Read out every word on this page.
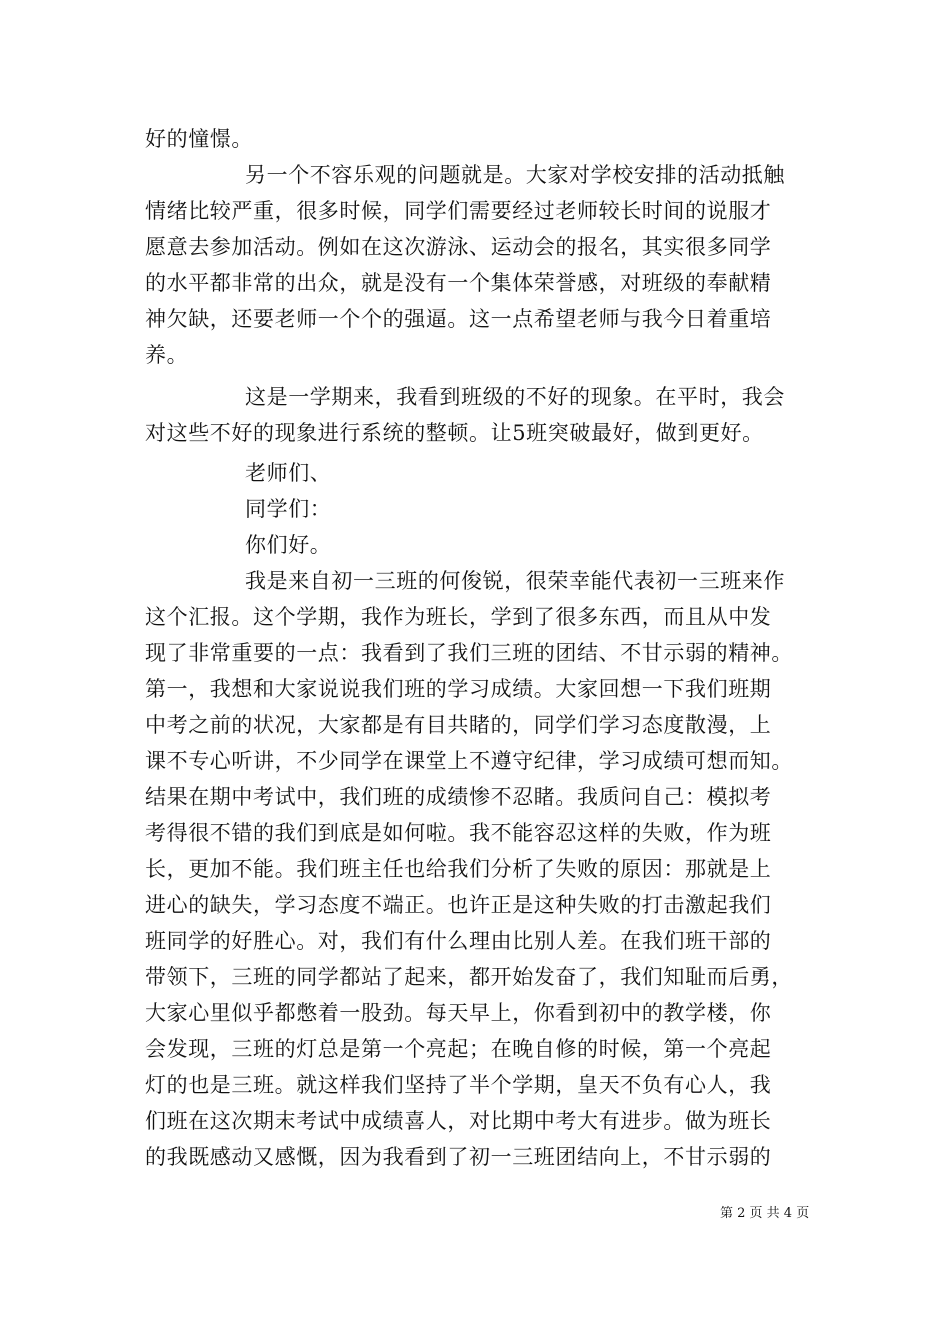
好的憧憬。
另一个不容乐观的问题就是。大家对学校安排的活动抵触
情绪比较严重，很多时候，同学们需要经过老师较长时间的说服才
愿意去参加活动。例如在这次游泳、运动会的报名，其实很多同学
的水平都非常的出众，就是没有一个集体荣誉感，对班级的奉献精
神欠缺，还要老师一个个的强逼。这一点希望老师与我今日着重培
养。
这是一学期来，我看到班级的不好的现象。在平时，我会
对这些不好的现象进行系统的整顿。让5班突破最好，做到更好。
老师们、
同学们：
你们好。
我是来自初一三班的何俊锐，很荣幸能代表初一三班来作
这个汇报。这个学期，我作为班长，学到了很多东西，而且从中发
现了非常重要的一点：我看到了我们三班的团结、不甘示弱的精神。
第一，我想和大家说说我们班的学习成绩。大家回想一下我们班期
中考之前的状况，大家都是有目共睹的，同学们学习态度散漫，上
课不专心听讲，不少同学在课堂上不遵守纪律，学习成绩可想而知。
结果在期中考试中，我们班的成绩惨不忍睹。我质问自己：模拟考
考得很不错的我们到底是如何啦。我不能容忍这样的失败，作为班
长，更加不能。我们班主任也给我们分析了失败的原因：那就是上
进心的缺失，学习态度不端正。也许正是这种失败的打击激起我们
班同学的好胜心。对，我们有什么理由比别人差。在我们班干部的
带领下，三班的同学都站了起来，都开始发奋了，我们知耻而后勇，
大家心里似乎都憋着一股劲。每天早上，你看到初中的教学楼，你
会发现，三班的灯总是第一个亮起；在晚自修的时候，第一个亮起
灯的也是三班。就这样我们坚持了半个学期，皇天不负有心人，我
们班在这次期末考试中成绩喜人，对比期中考大有进步。做为班长
的我既感动又感慨，因为我看到了初一三班团结向上，不甘示弱的
第 2 页 共 4 页
